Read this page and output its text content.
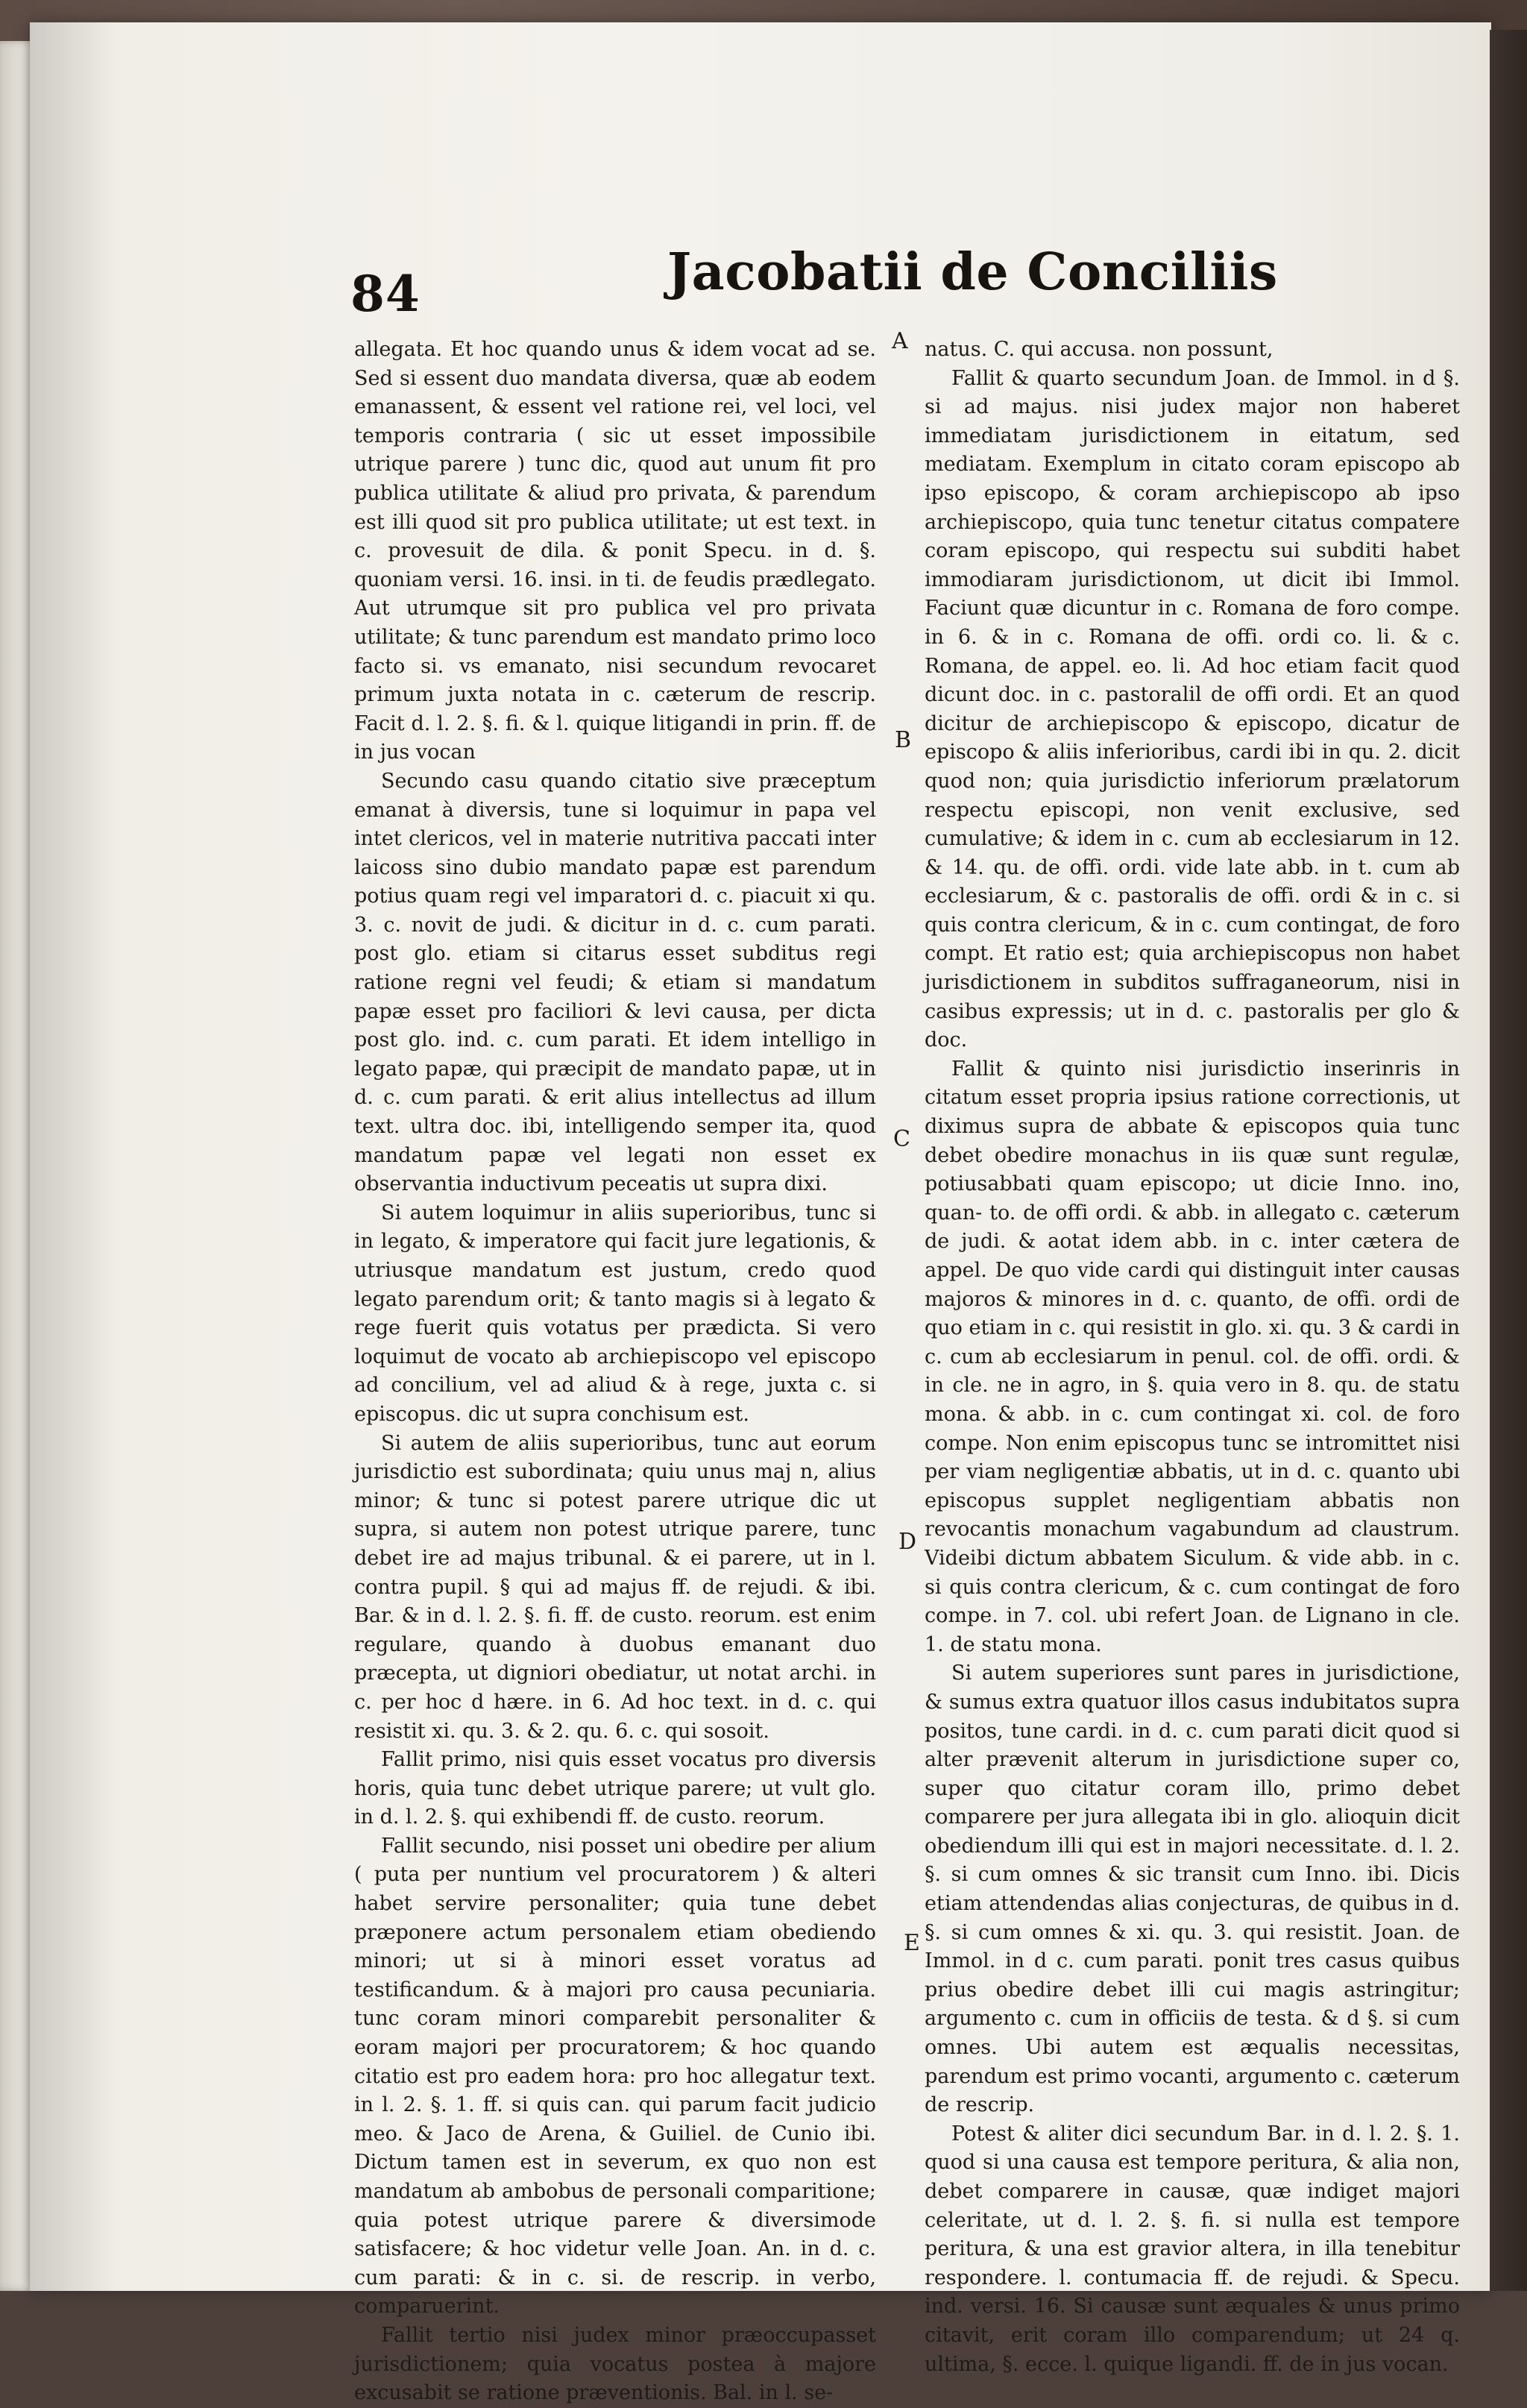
84	Jacobatii de Conciliis

allegata. Et hoc quando unus & idem vocat ad se. Sed si essent duo mandata diversa, quæ ab eodem emanassent, & essent vel ratione rei, vel loci, vel temporis contraria ( sic ut esset impossibile utrique parere ) tunc dic, quod aut unum fit pro publica utilitate & aliud pro privata, & parendum est illi quod sit pro publica utilitate; ut est text. in c. provesuit de dila. & ponit Specu. in d. §. quoniam versi. 16. insi. in ti. de feudis prædlegato. Aut utrumque sit pro publica vel pro privata utilitate; & tunc parendum est mandato primo loco facto si. vs emanato, nisi secundum revocaret primum juxta notata in c. cæterum de rescrip. Facit d. l. 2. §. fi. & l. quique litigandi in prin. ff. de in jus vocan

Secundo casu quando citatio sive præceptum emanat à diversis, tune si loquimur in papa vel intet clericos, vel in materie nutritiva paccati inter laicoss sino dubio mandato papæ est parendum potius quam regi vel imparatori d. c. piacuit xi qu. 3. c. novit de judi. & dicitur in d. c. cum parati. post glo. etiam si citarus esset subditus regi ratione regni vel feudi; & etiam si mandatum papæ esset pro faciliori & levi causa, per dicta post glo. ind. c. cum parati. Et idem intelligo in legato papæ, qui præcipit de mandato papæ, ut in d. c. cum parati. & erit alius intellectus ad illum text. ultra doc. ibi, intelligendo semper ita, quod mandatum papæ vel legati non esset ex observantia inductivum peceatis ut supra dixi.

Si autem loquimur in aliis superioribus, tunc si in legato, & imperatore qui facit jure legationis, & utriusque mandatum est justum, credo quod legato parendum orit; & tanto magis si à legato & rege fuerit quis votatus per prædicta. Si vero loquimut de vocato ab archiepiscopo vel episcopo ad concilium, vel ad aliud & à rege, juxta c. si episcopus. dic ut supra conchisum est.

Si autem de aliis superioribus, tunc aut eorum jurisdictio est subordinata; quiu unus maj n, alius minor; & tunc si potest parere utrique dic ut supra, si autem non potest utrique parere, tunc debet ire ad majus tribunal. & ei parere, ut in l. contra pupil. § qui ad majus ff. de rejudi. & ibi. Bar. & in d. l. 2. §. fi. ff. de custo. reorum. est enim regulare, quando à duobus emanant duo præcepta, ut digniori obediatur, ut notat archi. in c. per hoc d hære. in 6. Ad hoc text. in d. c. qui resistit xi. qu. 3. & 2. qu. 6. c. qui sosoit.

Fallit primo, nisi quis esset vocatus pro diversis horis, quia tunc debet utrique parere; ut vult glo. in d. l. 2. §. qui exhibendi ff. de custo. reorum.

Fallit secundo, nisi posset uni obedire per alium ( puta per nuntium vel procuratorem ) & alteri habet servire personaliter; quia tune debet præponere actum personalem etiam obediendo minori; ut si à minori esset voratus ad testificandum. & à majori pro causa pecuniaria. tunc coram minori comparebit personaliter & eoram majori per procuratorem; & hoc quando citatio est pro eadem hora: pro hoc allegatur text. in l. 2. §. 1. ff. si quis can. qui parum facit judicio meo. & Jaco de Arena, & Guiliel. de Cunio ibi. Dictum tamen est in severum, ex quo non est mandatum ab ambobus de personali comparitione; quia potest utrique parere & diversimode satisfacere; & hoc videtur velle Joan. An. in d. c. cum parati: & in c. si. de rescrip. in verbo, comparuerint.

Fallit tertio nisi judex minor præoccupasset jurisdictionem; quia vocatus postea à majore excusabit se ratione præventionis. Bal. in l. se-

natus. C. qui accusa. non possunt,

Fallit & quarto secundum Joan. de Immol. in d §. si ad majus. nisi judex major non haberet immediatam jurisdictionem in eitatum, sed mediatam. Exemplum in citato coram episcopo ab ipso episcopo, & coram archiepiscopo ab ipso archiepiscopo, quia tunc tenetur citatus compatere coram episcopo, qui respectu sui subditi habet immodiaram jurisdictionom, ut dicit ibi Immol. Faciunt quæ dicuntur in c. Romana de foro compe. in 6. & in c. Romana de offi. ordi co. li. & c. Romana, de appel. eo. li. Ad hoc etiam facit quod dicunt doc. in c. pastoralil de offi ordi. Et an quod dicitur de archiepiscopo & episcopo, dicatur de episcopo & aliis inferioribus, cardi ibi in qu. 2. dicit quod non; quia jurisdictio inferiorum prælatorum respectu episcopi, non venit exclusive, sed cumulative; & idem in c. cum ab ecclesiarum in 12. & 14. qu. de offi. ordi. vide late abb. in t. cum ab ecclesiarum, & c. pastoralis de offi. ordi & in c. si quis contra clericum, & in c. cum contingat, de foro compt. Et ratio est; quia archiepiscopus non habet jurisdictionem in subditos suffraganeorum, nisi in casibus expressis; ut in d. c. pastoralis per glo & doc.

Fallit & quinto nisi jurisdictio inserinris in citatum esset propria ipsius ratione correctionis, ut diximus supra de abbate & episcopos quia tunc debet obedire monachus in iis quæ sunt regulæ, potiusabbati quam episcopo; ut dicie Inno. ino, quan- to. de offi ordi. & abb. in allegato c. cæterum de judi. & aotat idem abb. in c. inter cætera de appel. De quo vide cardi qui distinguit inter causas majoros & minores in d. c. quanto, de offi. ordi de quo etiam in c. qui resistit in glo. xi. qu. 3 & cardi in c. cum ab ecclesiarum in penul. col. de offi. ordi. & in cle. ne in agro, in §. quia vero in 8. qu. de statu mona. & abb. in c. cum contingat xi. col. de foro compe. Non enim episcopus tunc se intromittet nisi per viam negligentiæ abbatis, ut in d. c. quanto ubi episcopus supplet negligentiam abbatis non revocantis monachum vagabundum ad claustrum. Videibi dictum abbatem Siculum. & vide abb. in c. si quis contra clericum, & c. cum contingat de foro compe. in 7. col. ubi refert Joan. de Lignano in cle. 1. de statu mona.

Si autem superiores sunt pares in jurisdictione, & sumus extra quatuor illos casus indubitatos supra positos, tune cardi. in d. c. cum parati dicit quod si alter prævenit alterum in jurisdictione super co, super quo citatur coram illo, primo debet comparere per jura allegata ibi in glo. alioquin dicit obediendum illi qui est in majori necessitate. d. l. 2. §. si cum omnes & sic transit cum Inno. ibi. Dicis etiam attendendas alias conjecturas, de quibus in d. §. si cum omnes & xi. qu. 3. qui resistit. Joan. de Immol. in d c. cum parati. ponit tres casus quibus prius obedire debet illi cui magis astringitur; argumento c. cum in officiis de testa. & d §. si cum omnes. Ubi autem est æqualis necessitas, parendum est primo vocanti, argumento c. cæterum de rescrip.

Potest & aliter dici secundum Bar. in d. l. 2. §. 1. quod si una causa est tempore peritura, & alia non, debet comparere in causæ, quæ indiget majori celeritate, ut d. l. 2. §. fi. si nulla est tempore peritura, & una est gravior altera, in illa tenebitur respondere. l. contumacia ff. de rejudi. & Specu. ind. versi. 16. Si causæ sunt æquales & unus primo citavit, erit coram illo comparendum; ut 24 q. ultima, §. ecce. l. quique ligandi. ff. de in jus vocan.

A
B
C
D
E
